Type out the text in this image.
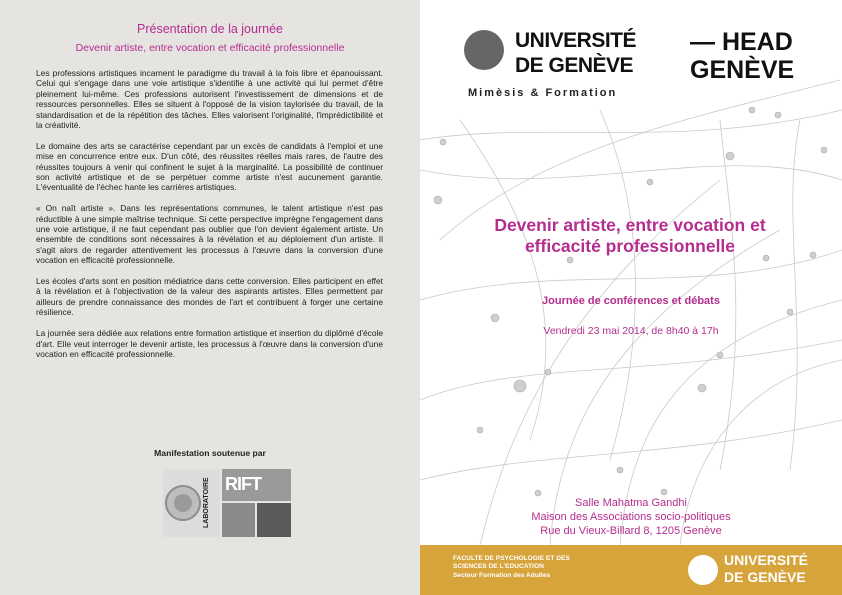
Présentation de la journée
Devenir artiste, entre vocation et efficacité professionnelle

Les professions artistiques incarnent le paradigme du travail à la fois libre et épanouissant. Celui qui s'engage dans une voie artistique s'identifie à une activité qui lui permet d'être pleinement lui-même. Ces professions autorisent l'investissement de dimensions et de ressources personnelles. Elles se situent à l'opposé de la vision taylorisée du travail, de la standardisation et de la répétition des tâches. Elles valorisent l'originalité, l'imprédictibilité et la créativité.

Le domaine des arts se caractérise cependant par un excès de candidats à l'emploi et une mise en concurrence entre eux. D'un côté, des réussites réelles mais rares, de l'autre des réussites toujours à venir qui confinent le sujet à la marginalité. La possibilité de continuer son activité artistique et de se perpétuer comme artiste n'est aucunement garantie. L'éventualité de l'échec hante les carrières artistiques.

« On naît artiste ». Dans les représentations communes, le talent artistique n'est pas réductible à une simple maîtrise technique. Si cette perspective imprègne l'engagement dans une voie artistique, il ne faut cependant pas oublier que l'on devient également artiste. Un ensemble de conditions sont nécessaires à la révélation et au déploiement d'un artiste. Il s'agit alors de regarder attentivement les processus à l'œuvre dans la conversion d'une vocation en efficacité professionnelle.

Les écoles d'arts sont en position médiatrice dans cette conversion. Elles participent en effet à la révélation et à l'objectivation de la valeur des aspirants artistes. Elles permettent par ailleurs de prendre connaissance des mondes de l'art et contribuent à forger une certaine résilience.

La journée sera dédiée aux relations entre formation artistique et insertion du diplômé d'école d'art. Elle veut interroger le devenir artiste, les processus à l'œuvre dans la conversion d'une vocation en efficacité professionnelle.

Manifestation soutenue par
LABORATOIRE RIFT
UNIVERSITÉ
DE GENÈVE
Mimèsis & Formation
— HEAD
GENÈVE
Devenir artiste, entre vocation et
efficacité professionnelle
Journée de conférences et débats
Vendredi 23 mai 2014, de 8h40 à 17h
Salle Mahatma Gandhi
Maison des Associations socio-politiques
Rue du Vieux-Billard 8, 1205 Genève
FACULTE DE PSYCHOLOGIE ET DES
SCIENCES DE L'EDUCATION
Secteur Formation des Adultes
UNIVERSITÉ
DE GENÈVE
